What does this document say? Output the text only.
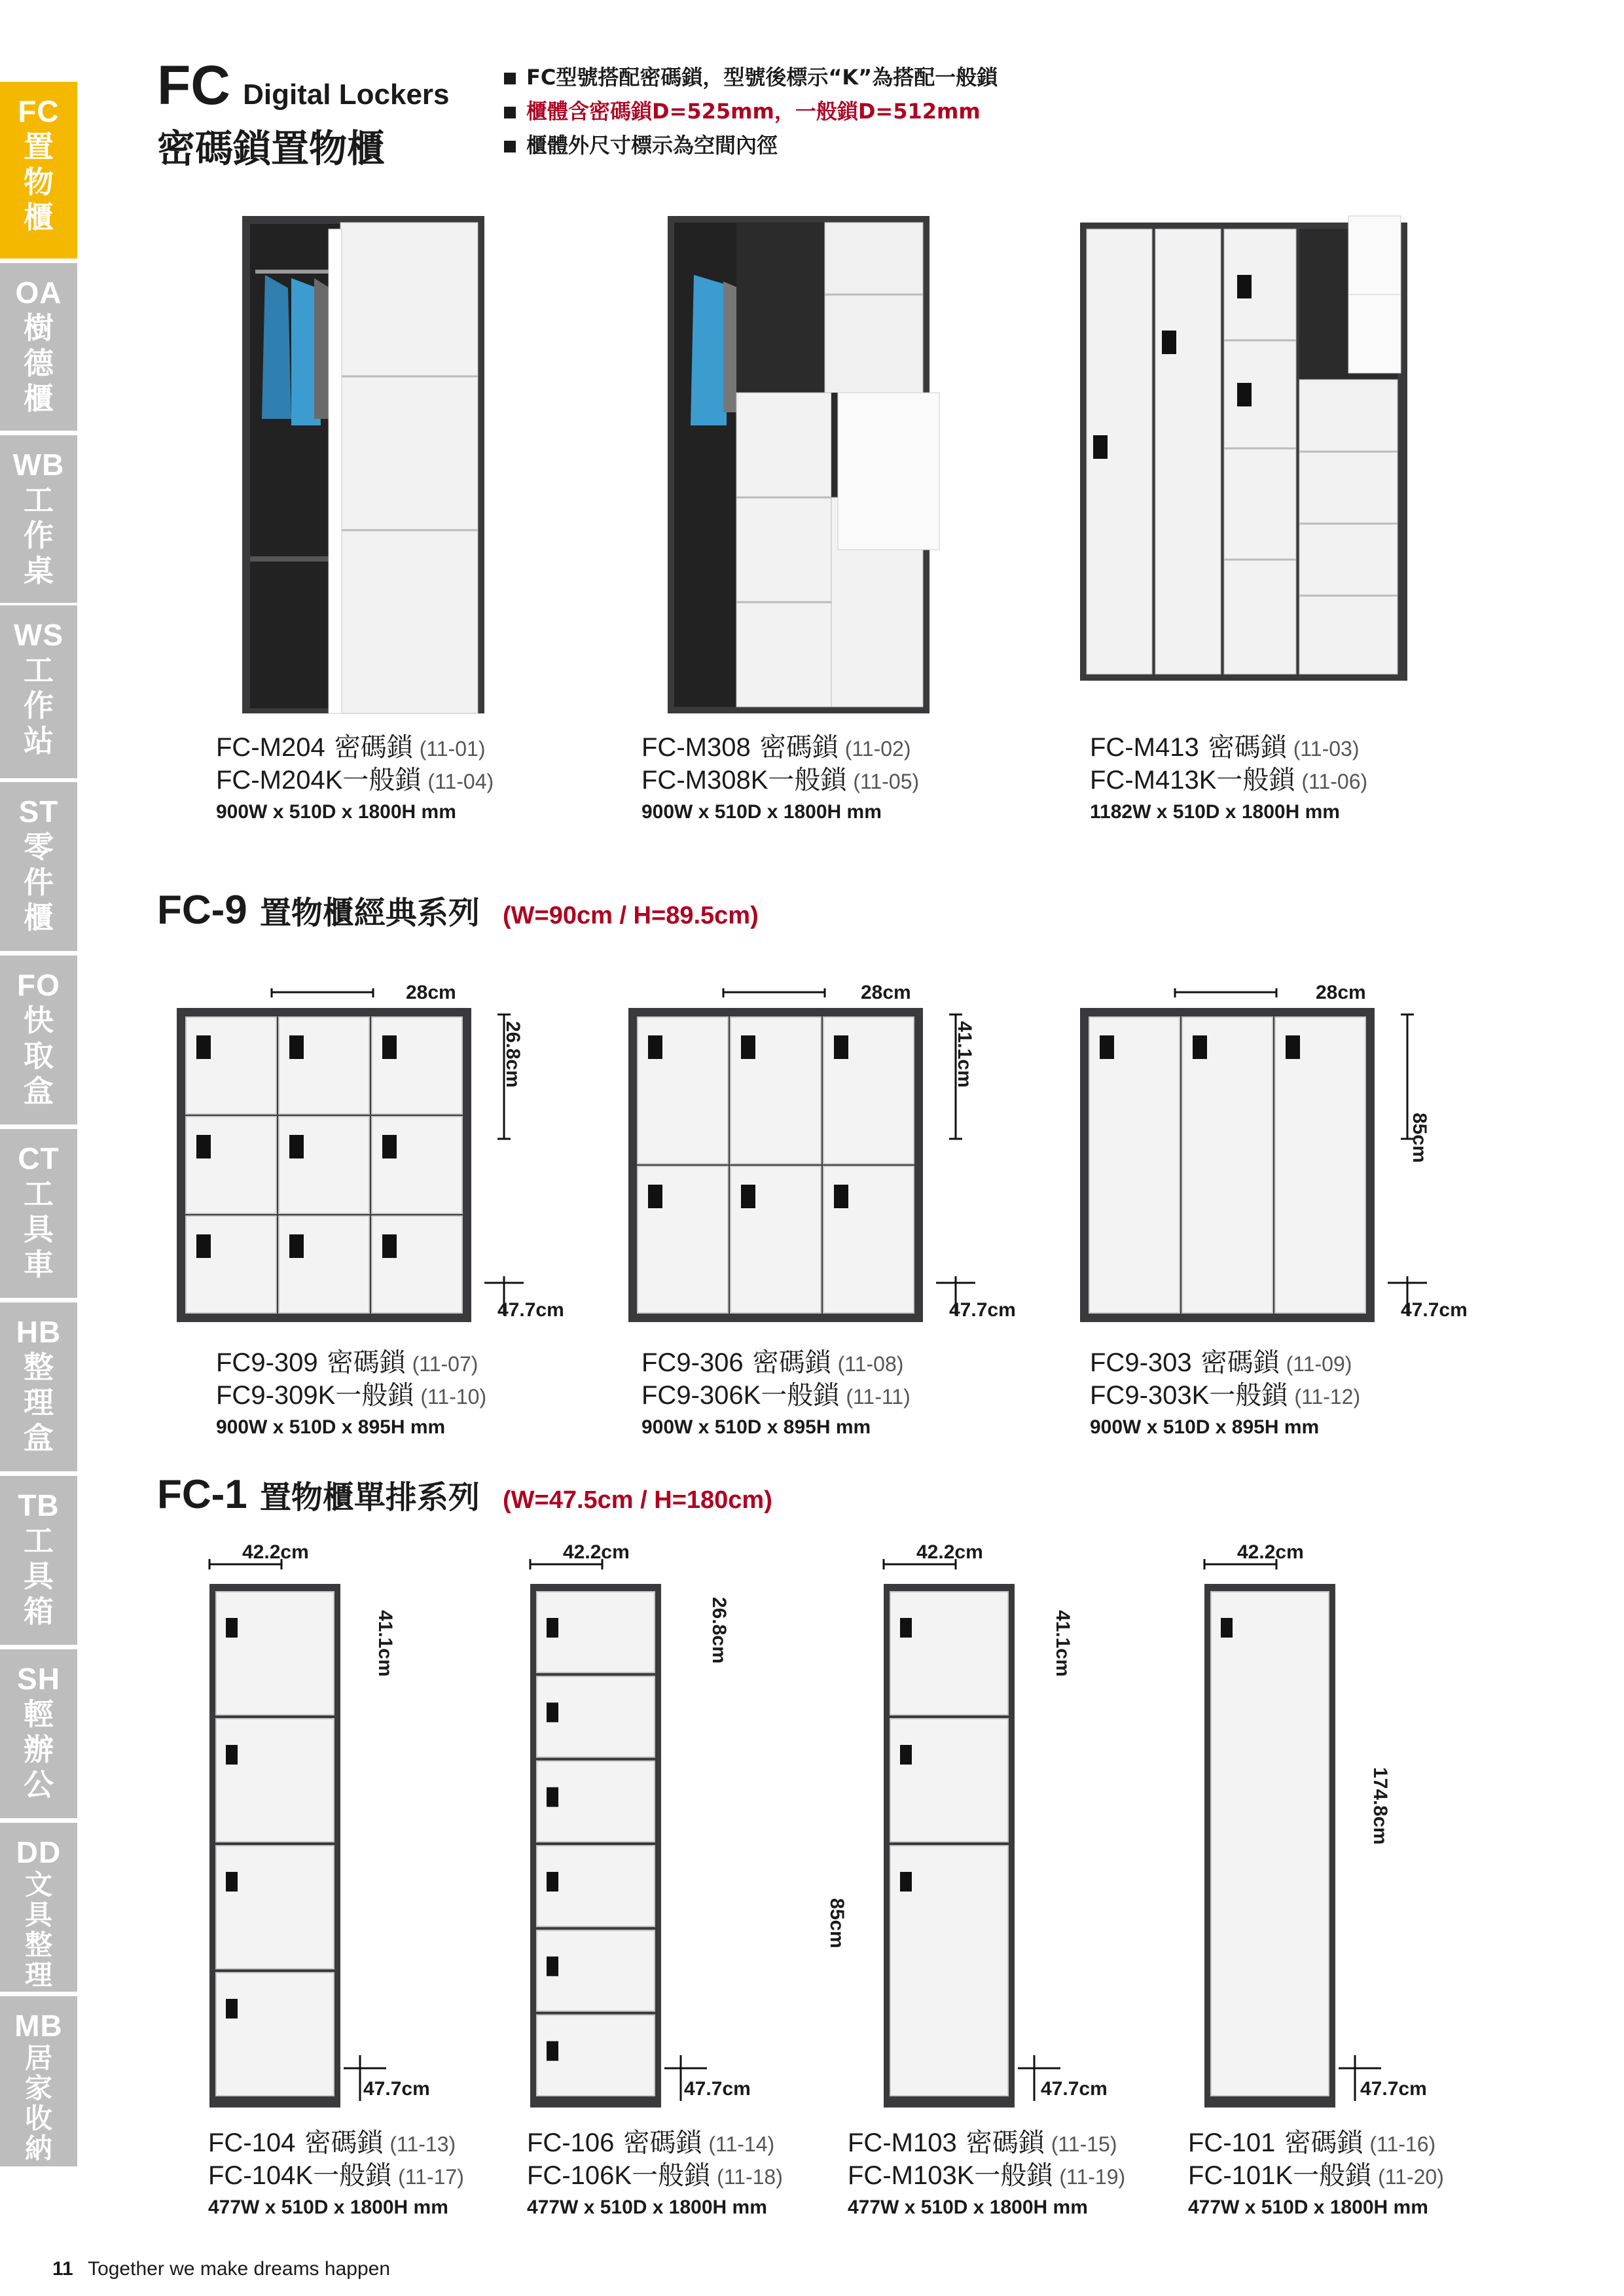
FC
置
物
櫃
OA
樹
德
櫃
WB
工
作
桌
WS
工
作
站
ST
零
件
櫃
FO
快
取
盒
CT
工
具
車
HB
整
理
盒
TB
工
具
箱
SH
輕
辦
公
DD
文
具
整
理
MB
居
家
收
納
FC Digital Lockers
密碼鎖置物櫃
FC型號搭配密碼鎖，型號後標示“K”為搭配一般鎖
櫃體含密碼鎖D=525mm，一般鎖D=512mm
櫃體外尺寸標示為空間內徑
FC-M204 密碼鎖 (11-01)
FC-M204K一般鎖 (11-04)
900W x 510D x 1800H mm
FC-M308 密碼鎖 (11-02)
FC-M308K一般鎖 (11-05)
900W x 510D x 1800H mm
FC-M413 密碼鎖 (11-03)
FC-M413K一般鎖 (11-06)
1182W x 510D x 1800H mm
FC-9 置物櫃經典系列 (W=90cm / H=89.5cm)
FC9-309 密碼鎖 (11-07)
FC9-309K一般鎖 (11-10)
900W x 510D x 895H mm
FC9-306 密碼鎖 (11-08)
FC9-306K一般鎖 (11-11)
900W x 510D x 895H mm
FC9-303 密碼鎖 (11-09)
FC9-303K一般鎖 (11-12)
900W x 510D x 895H mm
28cm	28cm	28cm
26.8cm	41.1cm
85cm
47.7cm	47.7cm	47.7cm
FC-1 置物櫃單排系列 (W=47.5cm / H=180cm)
FC-104 密碼鎖 (11-13)
FC-104K一般鎖 (11-17)
477W x 510D x 1800H mm
FC-106 密碼鎖 (11-14)
FC-106K一般鎖 (11-18)
477W x 510D x 1800H mm
FC-M103 密碼鎖 (11-15)
FC-M103K一般鎖 (11-19)
477W x 510D x 1800H mm
FC-101 密碼鎖 (11-16)
FC-101K一般鎖 (11-20)
477W x 510D x 1800H mm
42.2cm	42.2cm	42.2cm	42.2cm
41.1cm	26.8cm	41.1cm
174.8cm
85cm
47.7cm	47.7cm	47.7cm	47.7cm
11 Together we make dreams happen
